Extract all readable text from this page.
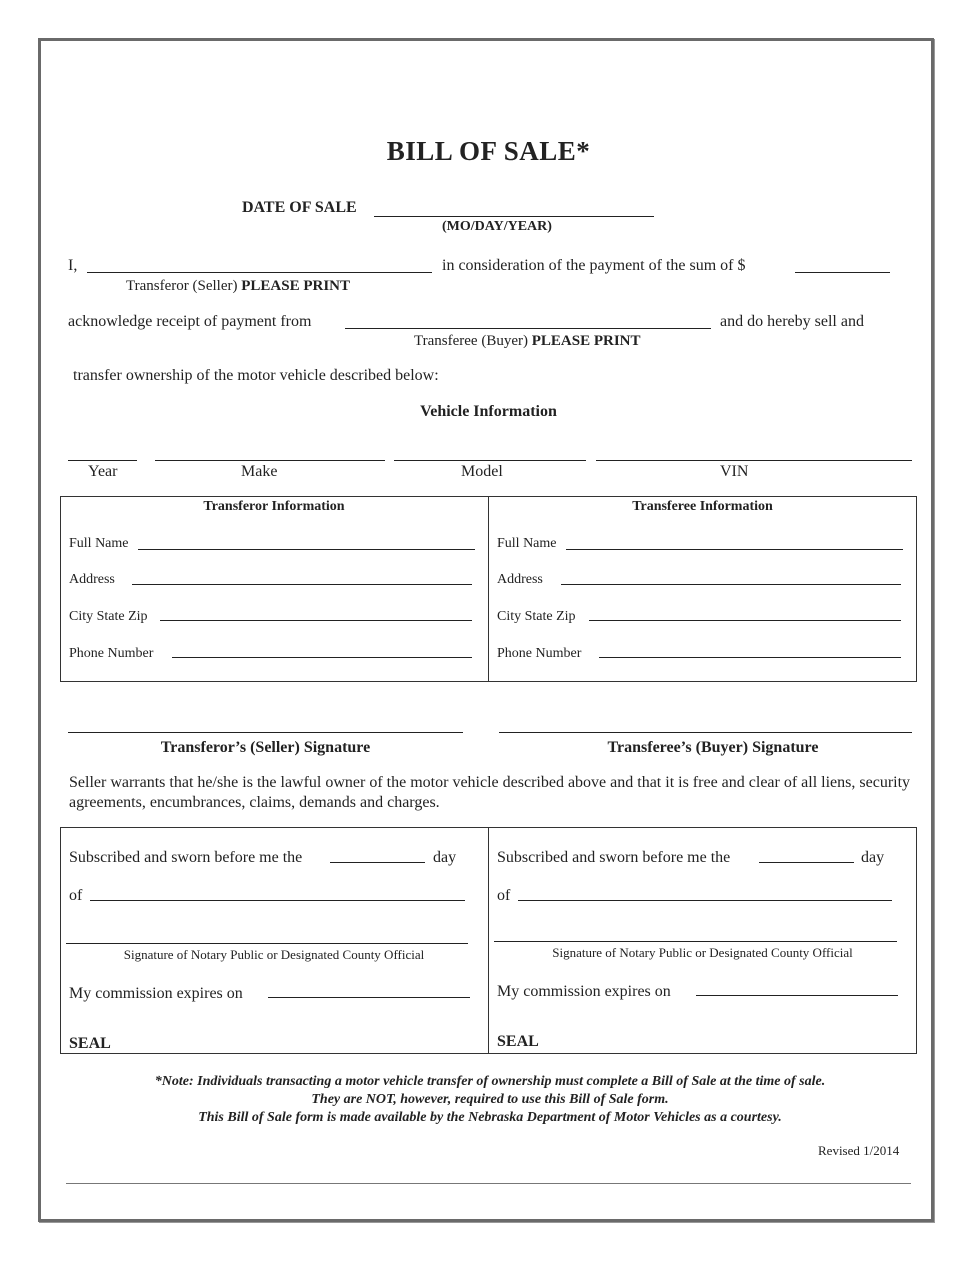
BILL OF SALE*
DATE OF SALE
(MO/DAY/YEAR)
I,	in consideration of the payment of the sum of $
Transferor (Seller) PLEASE PRINT
acknowledge receipt of payment from	and do hereby sell and
Transferee (Buyer) PLEASE PRINT
transfer ownership of the motor vehicle described below:
Vehicle Information
Year	Make	Model	VIN
Transferor Information
Full Name
Address
City State Zip
Phone Number
Transferee Information
Full Name
Address
City State Zip
Phone Number
Transferor’s (Seller) Signature	Transferee’s (Buyer) Signature
Seller warrants that he/she is the lawful owner of the motor vehicle described above and that it is free and clear of all liens, security agreements, encumbrances, claims, demands and charges.
Subscribed and sworn before me the	day
of
Signature of Notary Public or Designated County Official
My commission expires on
SEAL
Subscribed and sworn before me the	day
of
Signature of Notary Public or Designated County Official
My commission expires on
SEAL
*Note: Individuals transacting a motor vehicle transfer of ownership must complete a Bill of Sale at the time of sale.
They are NOT, however, required to use this Bill of Sale form.
This Bill of Sale form is made available by the Nebraska Department of Motor Vehicles as a courtesy.
Revised 1/2014
